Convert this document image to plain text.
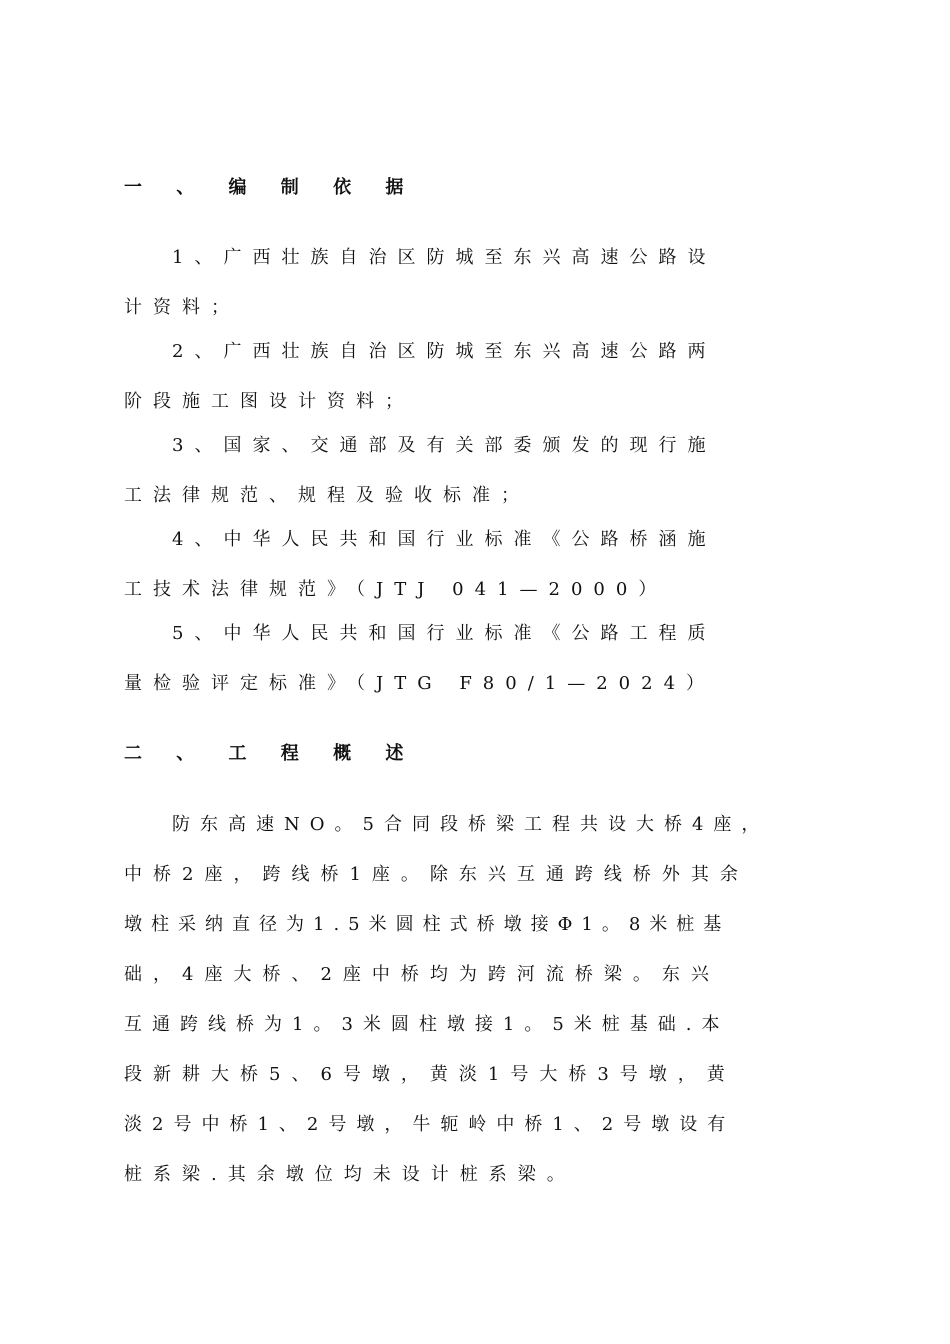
一 、 编 制 依 据
1、广西壮族自治区防城至东兴高速公路设
计资料；
2、广西壮族自治区防城至东兴高速公路两
阶段施工图设计资料；
3、国家、交通部及有关部委颁发的现行施
工法律规范、规程及验收标准；
4、中华人民共和国行业标准《公路桥涵施
工技术法律规范》（JTJ 041—2000）
5、中华人民共和国行业标准《公路工程质
量检验评定标准》（JTG F80/1—2024）
二 、 工 程 概 述
防东高速NO。5合同段桥梁工程共设大桥4座，
中桥2座，跨线桥1座。除东兴互通跨线桥外其余
墩柱采纳直径为1.5米圆柱式桥墩接Φ1。8米桩基
础，4座大桥、2座中桥均为跨河流桥梁。东兴
互通跨线桥为1。3米圆柱墩接1。5米桩基础.本
段新耕大桥5、6号墩，黄淡1号大桥3号墩，黄
淡2号中桥1、2号墩，牛轭岭中桥1、2号墩设有
桩系梁.其余墩位均未设计桩系梁。
